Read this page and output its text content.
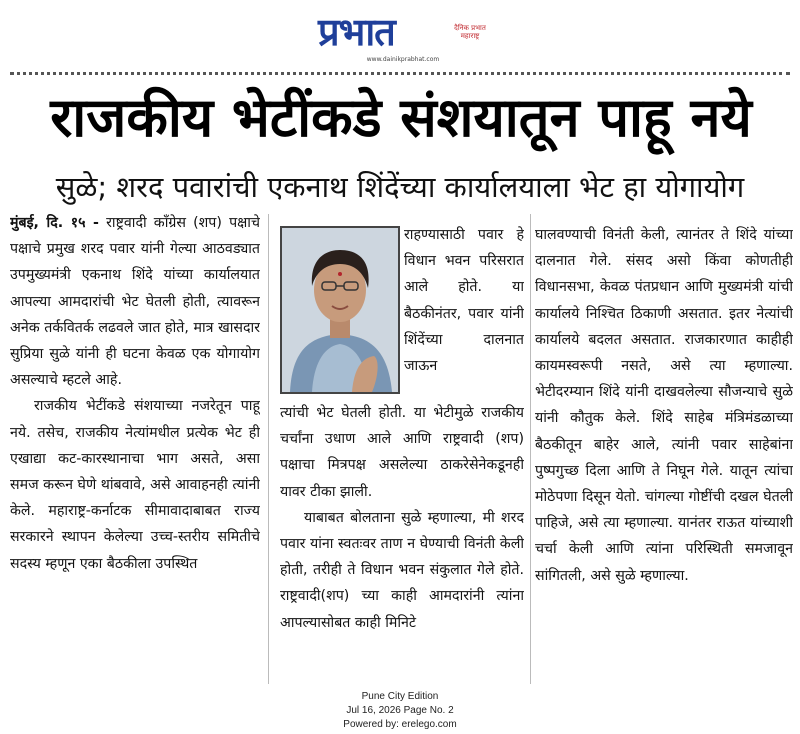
प्रभात	दैनिक प्रभात महाराष्ट्र
www.dainikprabhat.com
राजकीय भेटींकडे संशयातून पाहू नये
सुळे; शरद पवारांची एकनाथ शिंदेंच्या कार्यालयाला भेट हा योगायोग

मुंबई, दि. १५ - राष्ट्रवादी काँग्रेस (शप) पक्षाचे पक्षाचे प्रमुख शरद पवार यांनी गेल्या आठवड्यात उपमुख्यमंत्री एकनाथ शिंदे यांच्या कार्यालयात आपल्या आमदारांची भेट घेतली होती, त्यावरून अनेक तर्कवितर्क लढवले जात होते, मात्र खासदार सुप्रिया सुळे यांनी ही घटना केवळ एक योगायोग असल्याचे म्हटले आहे.

राजकीय भेटींकडे संशयाच्या नजरेतून पाहू नये. तसेच, राजकीय नेत्यांमधील प्रत्येक भेट ही एखाद्या कट-कारस्थानाचा भाग असते, असा समज करून घेणे थांबवावे, असे आवाहनही त्यांनी केले. महाराष्ट्र-कर्नाटक सीमावादाबाबत राज्य सरकारने स्थापन केलेल्या उच्च-स्तरीय समितीचे सदस्य म्हणून एका बैठकीला उपस्थित

राहण्यासाठी पवार हे विधान भवन परिसरात आले होते. या बैठकीनंतर, पवार यांनी शिंदेंच्या दालनात जाऊन

त्यांची भेट घेतली होती. या भेटीमुळे राजकीय चर्चांना उधाण आले आणि राष्ट्रवादी (शप) पक्षाचा मित्रपक्ष असलेल्या ठाकरेसेनेकडूनही यावर टीका झाली.

याबाबत बोलताना सुळे म्हणाल्या, मी शरद पवार यांना स्वतःवर ताण न घेण्याची विनंती केली होती, तरीही ते विधान भवन संकुलात गेले होते. राष्ट्रवादी(शप) च्या काही आमदारांनी त्यांना आपल्यासोबत काही मिनिटे

घालवण्याची विनंती केली, त्यानंतर ते शिंदे यांच्या दालनात गेले. संसद असो किंवा कोणतीही विधानसभा, केवळ पंतप्रधान आणि मुख्यमंत्री यांची कार्यालये निश्चित ठिकाणी असतात. इतर नेत्यांची कार्यालये बदलत असतात. राजकारणात काहीही कायमस्वरूपी नसते, असे त्या म्हणाल्या. भेटीदरम्यान शिंदे यांनी दाखवलेल्या सौजन्याचे सुळे यांनी कौतुक केले. शिंदे साहेब मंत्रिमंडळाच्या बैठकीतून बाहेर आले, त्यांनी पवार साहेबांना पुष्पगुच्छ दिला आणि ते निघून गेले. यातून त्यांचा मोठेपणा दिसून येतो. चांगल्या गोष्टींची दखल घेतली पाहिजे, असे त्या म्हणाल्या. यानंतर राऊत यांच्याशी चर्चा केली आणि त्यांना परिस्थिती समजावून सांगितली, असे सुळे म्हणाल्या.

Pune City Edition
Jul 16, 2026 Page No. 2
Powered by: erelego.com
